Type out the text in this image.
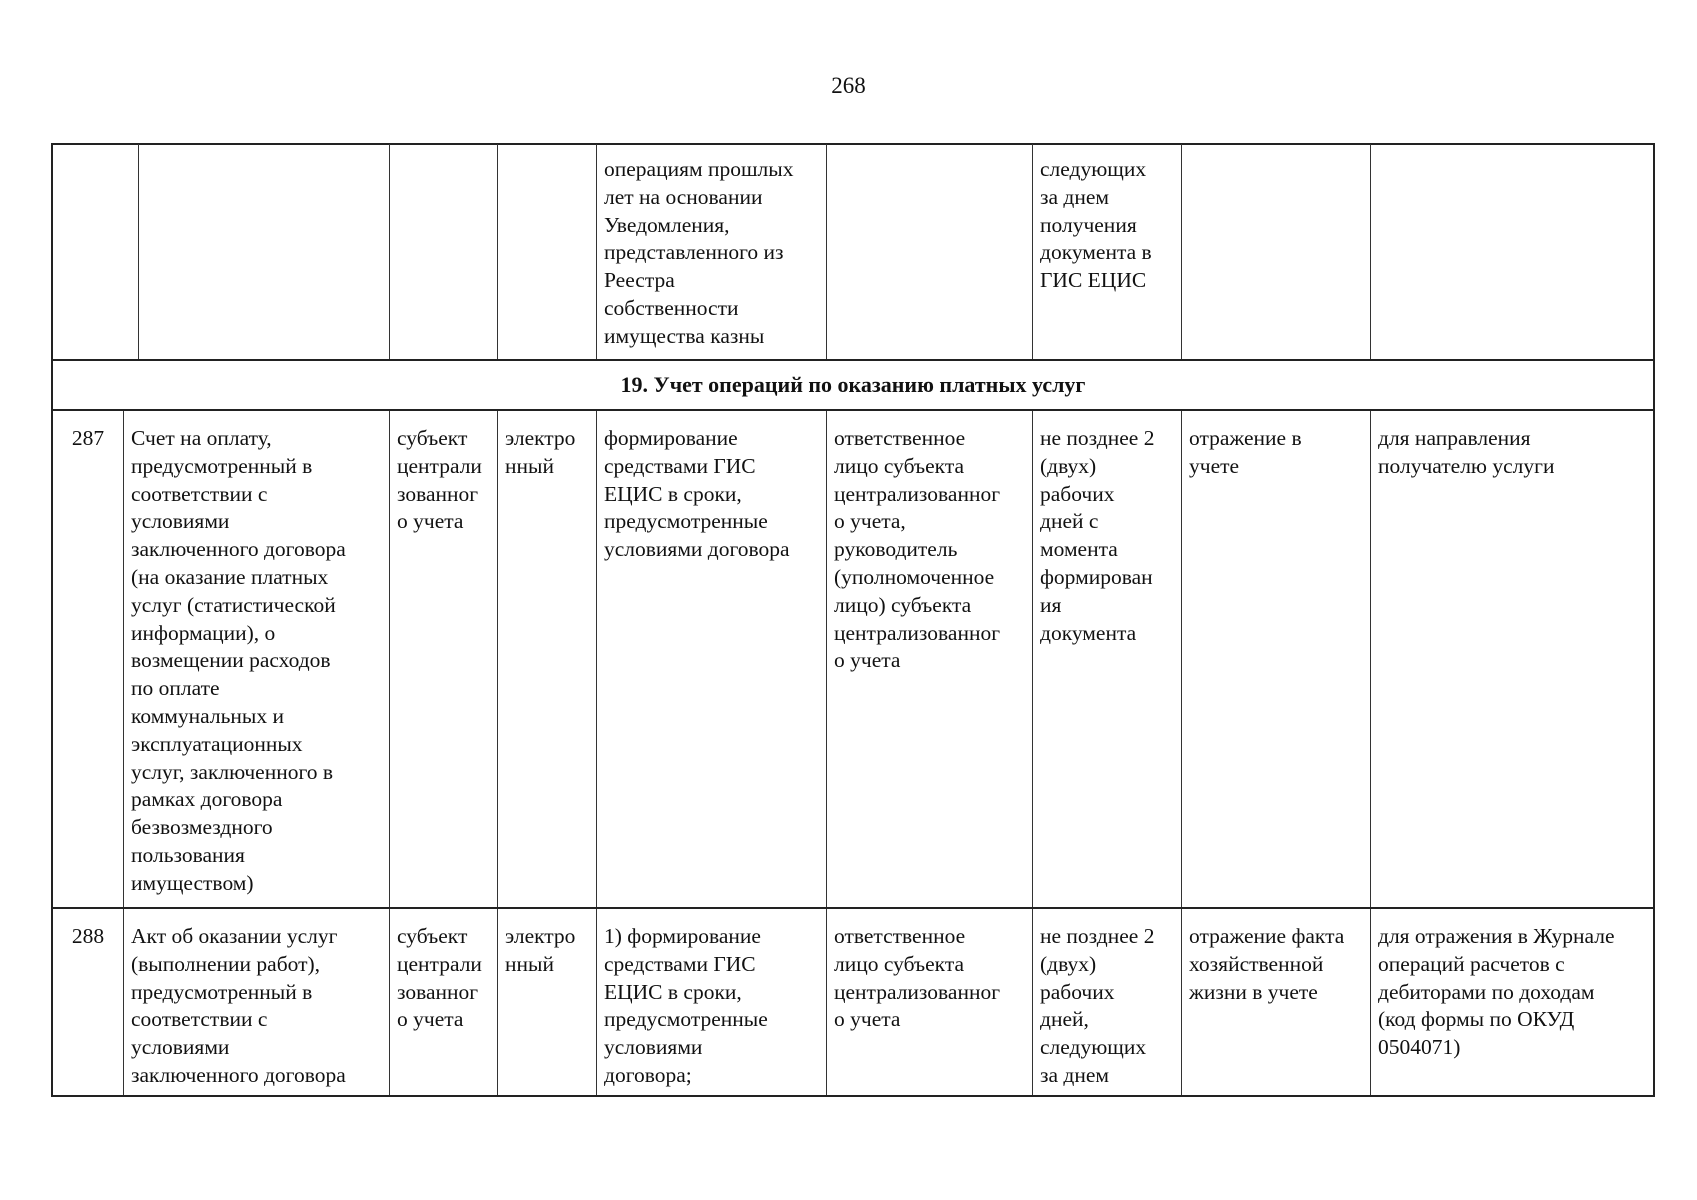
268
операциям прошлых
лет на основании
Уведомления,
представленного из
Реестра
собственности
имущества казны
следующих
за днем
получения
документа в
ГИС ЕЦИС
19. Учет операций по оказанию платных услуг
287	Счет на оплату,
предусмотренный в
соответствии с
условиями
заключенного договора
(на оказание платных
услуг (статистической
информации), о
возмещении расходов
по оплате
коммунальных и
эксплуатационных
услуг, заключенного в
рамках договора
безвозмездного
пользования
имуществом)
субъект
централи
зованног
о учета
электро
нный
формирование
средствами ГИС
ЕЦИС в сроки,
предусмотренные
условиями договора
ответственное
лицо субъекта
централизованног
о учета,
руководитель
(уполномоченное
лицо) субъекта
централизованног
о учета
не позднее 2
(двух)
рабочих
дней с
момента
формирован
ия
документа
отражение в
учете
для направления
получателю услуги
288	Акт об оказании услуг
(выполнении работ),
предусмотренный в
соответствии с
условиями
заключенного договора
субъект
централи
зованног
о учета
электро
нный
1) формирование
средствами ГИС
ЕЦИС в сроки,
предусмотренные
условиями
договора;
ответственное
лицо субъекта
централизованног
о учета
не позднее 2
(двух)
рабочих
дней,
следующих
за днем
отражение факта
хозяйственной
жизни в учете
для отражения в Журнале
операций расчетов с
дебиторами по доходам
(код формы по ОКУД
0504071)
